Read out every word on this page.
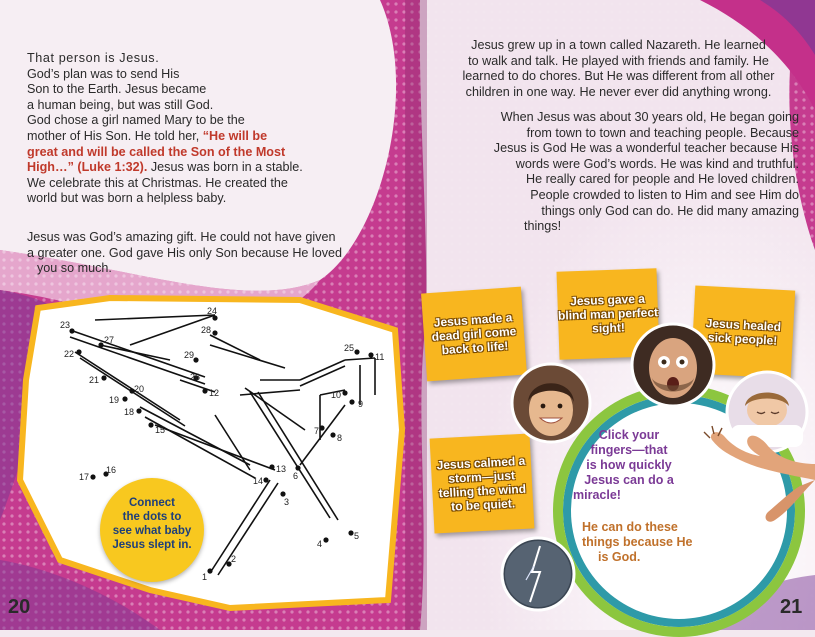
That person is Jesus.
God’s plan was to send His
Son to the Earth. Jesus became
a human being, but was still God.
God chose a girl named Mary to be the
mother of His Son. He told her, “He will be
great and will be called the Son of the Most
High…” (Luke 1:32). Jesus was born in a stable.
We celebrate this at Christmas. He created the
world but was born a helpless baby.
Jesus was God’s amazing gift. He could not have given
a greater one. God gave His only Son because He loved
you so much.
Jesus grew up in a town called Nazareth. He learned
to walk and talk. He played with friends and family. He
learned to do chores. But He was different from all other
children in one way. He never ever did anything wrong.
When Jesus was about 30 years old, He began going
from town to town and teaching people. Because
Jesus is God He was a wonderful teacher because His
words were God’s words. He was kind and truthful.
He really cared for people and He loved children.
People crowded to listen to Him and see Him do
things only God can do. He did many amazing
things!
1
2
3
4
5
6
7
8
9
10
11
12
13
14
15
16
17
18
19
20
21
22
23
24
25
26
27
28
29
Connect
the dots to
see what baby
Jesus slept in.
Jesus made a dead girl come back to life!
Jesus gave a blind man perfect sight!	Jesus healed sick people!
Jesus calmed a storm—just telling the wind to be quiet.
Click your
fingers—that
is how quickly
Jesus can do a
miracle!
He can do these
things because He
is God.
20	21
